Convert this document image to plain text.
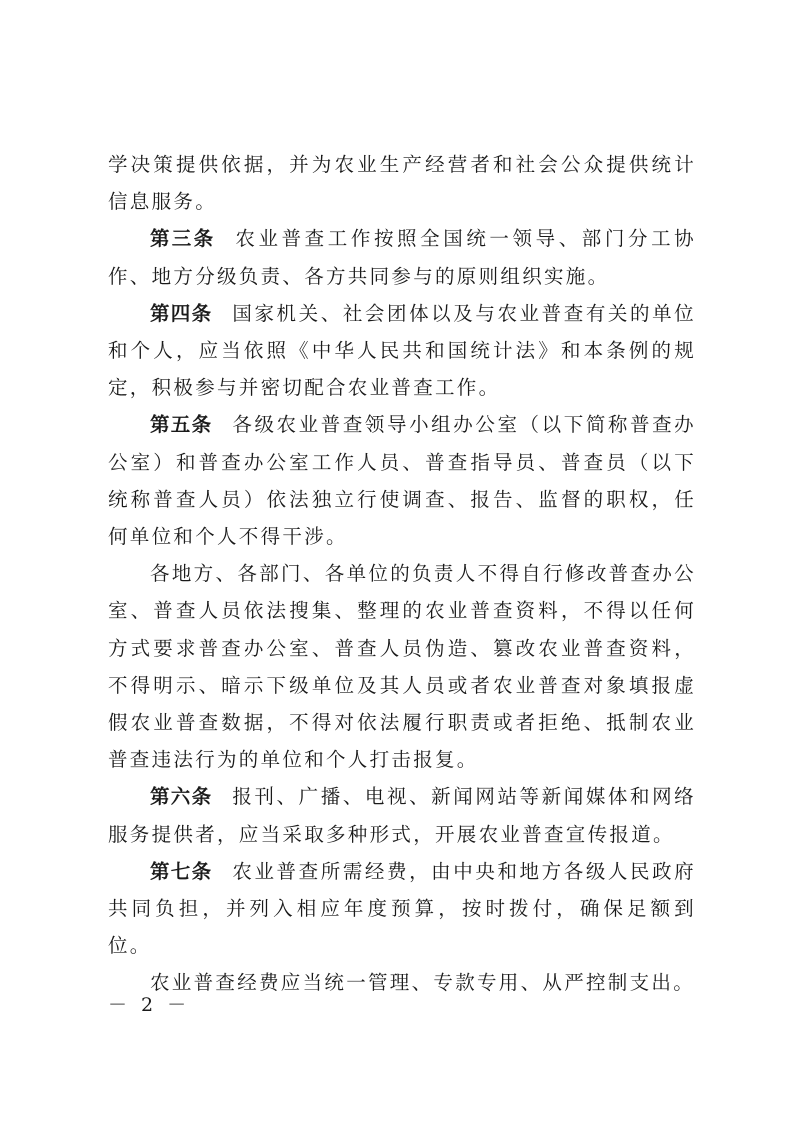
学决策提供依据，并为农业生产经营者和社会公众提供统计信息服务。

第三条 农业普查工作按照全国统一领导、部门分工协作、地方分级负责、各方共同参与的原则组织实施。

第四条 国家机关、社会团体以及与农业普查有关的单位和个人，应当依照《中华人民共和国统计法》和本条例的规定，积极参与并密切配合农业普查工作。

第五条 各级农业普查领导小组办公室（以下简称普查办公室）和普查办公室工作人员、普查指导员、普查员（以下统称普查人员）依法独立行使调查、报告、监督的职权，任何单位和个人不得干涉。

各地方、各部门、各单位的负责人不得自行修改普查办公室、普查人员依法搜集、整理的农业普查资料，不得以任何方式要求普查办公室、普查人员伪造、篡改农业普查资料，不得明示、暗示下级单位及其人员或者农业普查对象填报虚假农业普查数据，不得对依法履行职责或者拒绝、抵制农业普查违法行为的单位和个人打击报复。

第六条 报刊、广播、电视、新闻网站等新闻媒体和网络服务提供者，应当采取多种形式，开展农业普查宣传报道。

第七条 农业普查所需经费，由中央和地方各级人民政府共同负担，并列入相应年度预算，按时拨付，确保足额到位。

农业普查经费应当统一管理、专款专用、从严控制支出。

－ 2 －
